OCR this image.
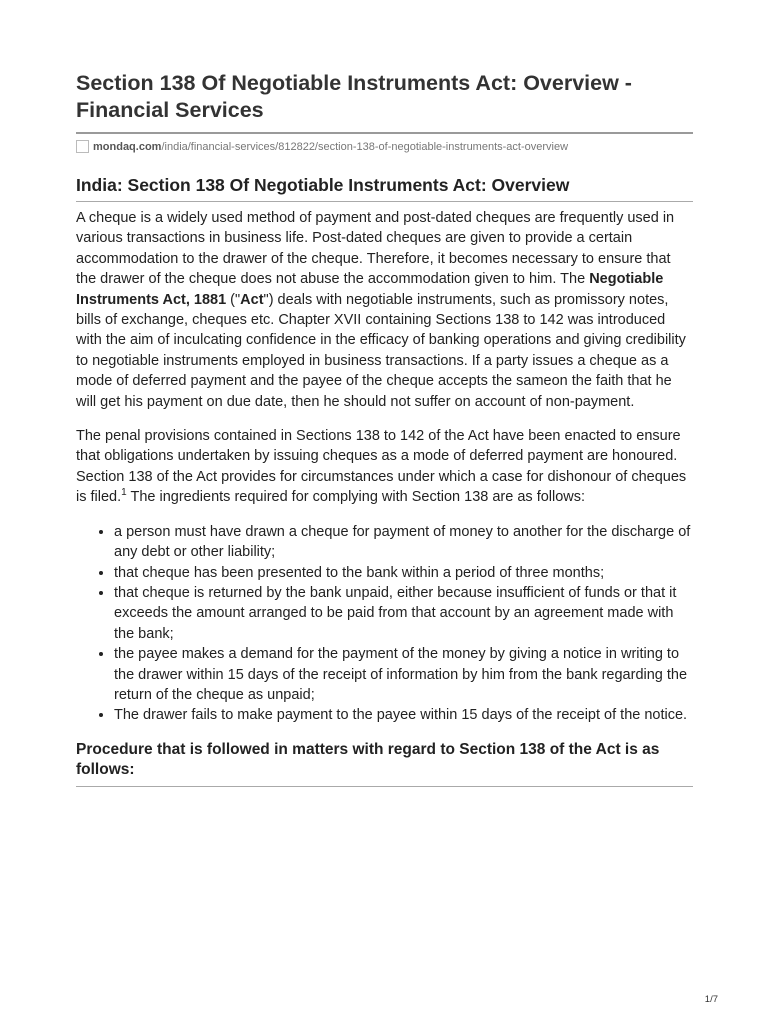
Section 138 Of Negotiable Instruments Act: Overview - Financial Services
mondaq.com/india/financial-services/812822/section-138-of-negotiable-instruments-act-overview
India: Section 138 Of Negotiable Instruments Act: Overview

A cheque is a widely used method of payment and post-dated cheques are frequently used in various transactions in business life. Post-dated cheques are given to provide a certain accommodation to the drawer of the cheque. Therefore, it becomes necessary to ensure that the drawer of the cheque does not abuse the accommodation given to him. The Negotiable Instruments Act, 1881 ("Act") deals with negotiable instruments, such as promissory notes, bills of exchange, cheques etc. Chapter XVII containing Sections 138 to 142 was introduced with the aim of inculcating confidence in the efficacy of banking operations and giving credibility to negotiable instruments employed in business transactions. If a party issues a cheque as a mode of deferred payment and the payee of the cheque accepts the sameon the faith that he will get his payment on due date, then he should not suffer on account of non-payment.

The penal provisions contained in Sections 138 to 142 of the Act have been enacted to ensure that obligations undertaken by issuing cheques as a mode of deferred payment are honoured. Section 138 of the Act provides for circumstances under which a case for dishonour of cheques is filed.$^1$ The ingredients required for complying with Section 138 are as follows:

• a person must have drawn a cheque for payment of money to another for the discharge of any debt or other liability;
• that cheque has been presented to the bank within a period of three months;
• that cheque is returned by the bank unpaid, either because insufficient of funds or that it exceeds the amount arranged to be paid from that account by an agreement made with the bank;
• the payee makes a demand for the payment of the money by giving a notice in writing to the drawer within 15 days of the receipt of information by him from the bank regarding the return of the cheque as unpaid;
• The drawer fails to make payment to the payee within 15 days of the receipt of the notice.
Procedure that is followed in matters with regard to Section 138 of the Act is as follows:
1/7
